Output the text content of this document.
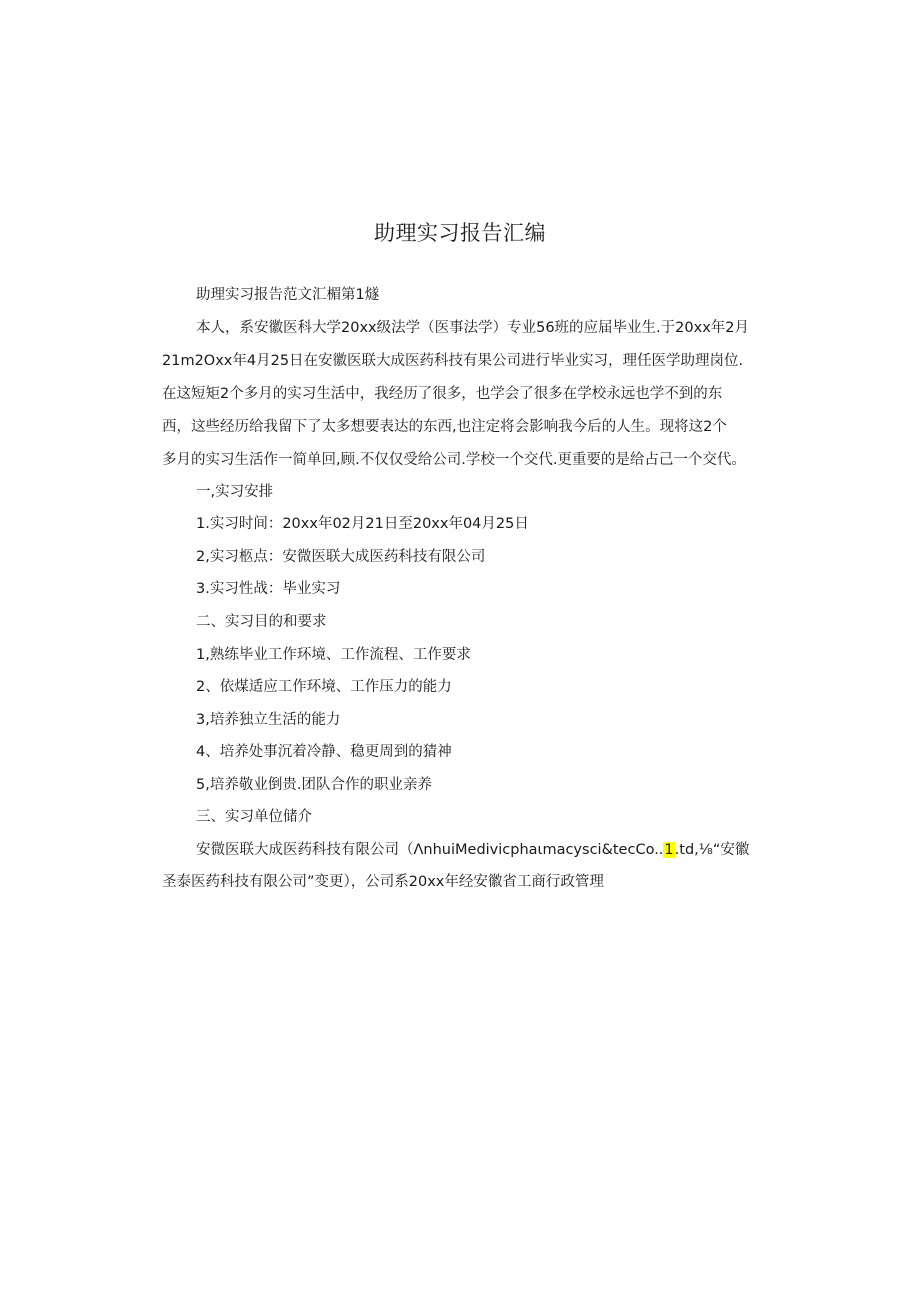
助理实习报告汇编
助理实习报告范文汇楣第1燧
本人，系安徽医科大学20xx级法学（医事法学）专业56班的应届毕业生.于20xx年2月
21m2Oxx年4月25日在安徽医联大成医药科技有果公司进行毕业实习，理任医学助理岗位.
在这短矩2个多月的实习生活中，我经历了很多，也学会了很多在学校永远也学不到的东
西，这些经历给我留下了太多想要表达的东西,也注定将会影响我今后的人生。现将这2个
多月的实习生活作一简单回,顾.不仅仅受给公司.学校一个交代.更重要的是给占己一个交代。
一,实习安排
1.实习时间：20xx年02月21日至20xx年04月25日
2,实习柩点：安微医联大成医药科技有限公司
3.实习性战：毕业实习
二、实习目的和要求
1,熟练毕业工作环境、工作流程、工作要求
2、依煤适应工作环境、工作压力的能力
3,培养独立生活的能力
4、培养处事沉着冷静、稳更周到的猜神
5,培养敬业倒贵.团队合作的职业亲养
三、实习单位储介
安微医联大成医药科技有限公司（ΛnhuiMedivicphaιmacysci&tecCo..1.td,⅛“安徽
圣泰医药科技有限公司”变更），公司系20xx年经安徽省工商行政管理
